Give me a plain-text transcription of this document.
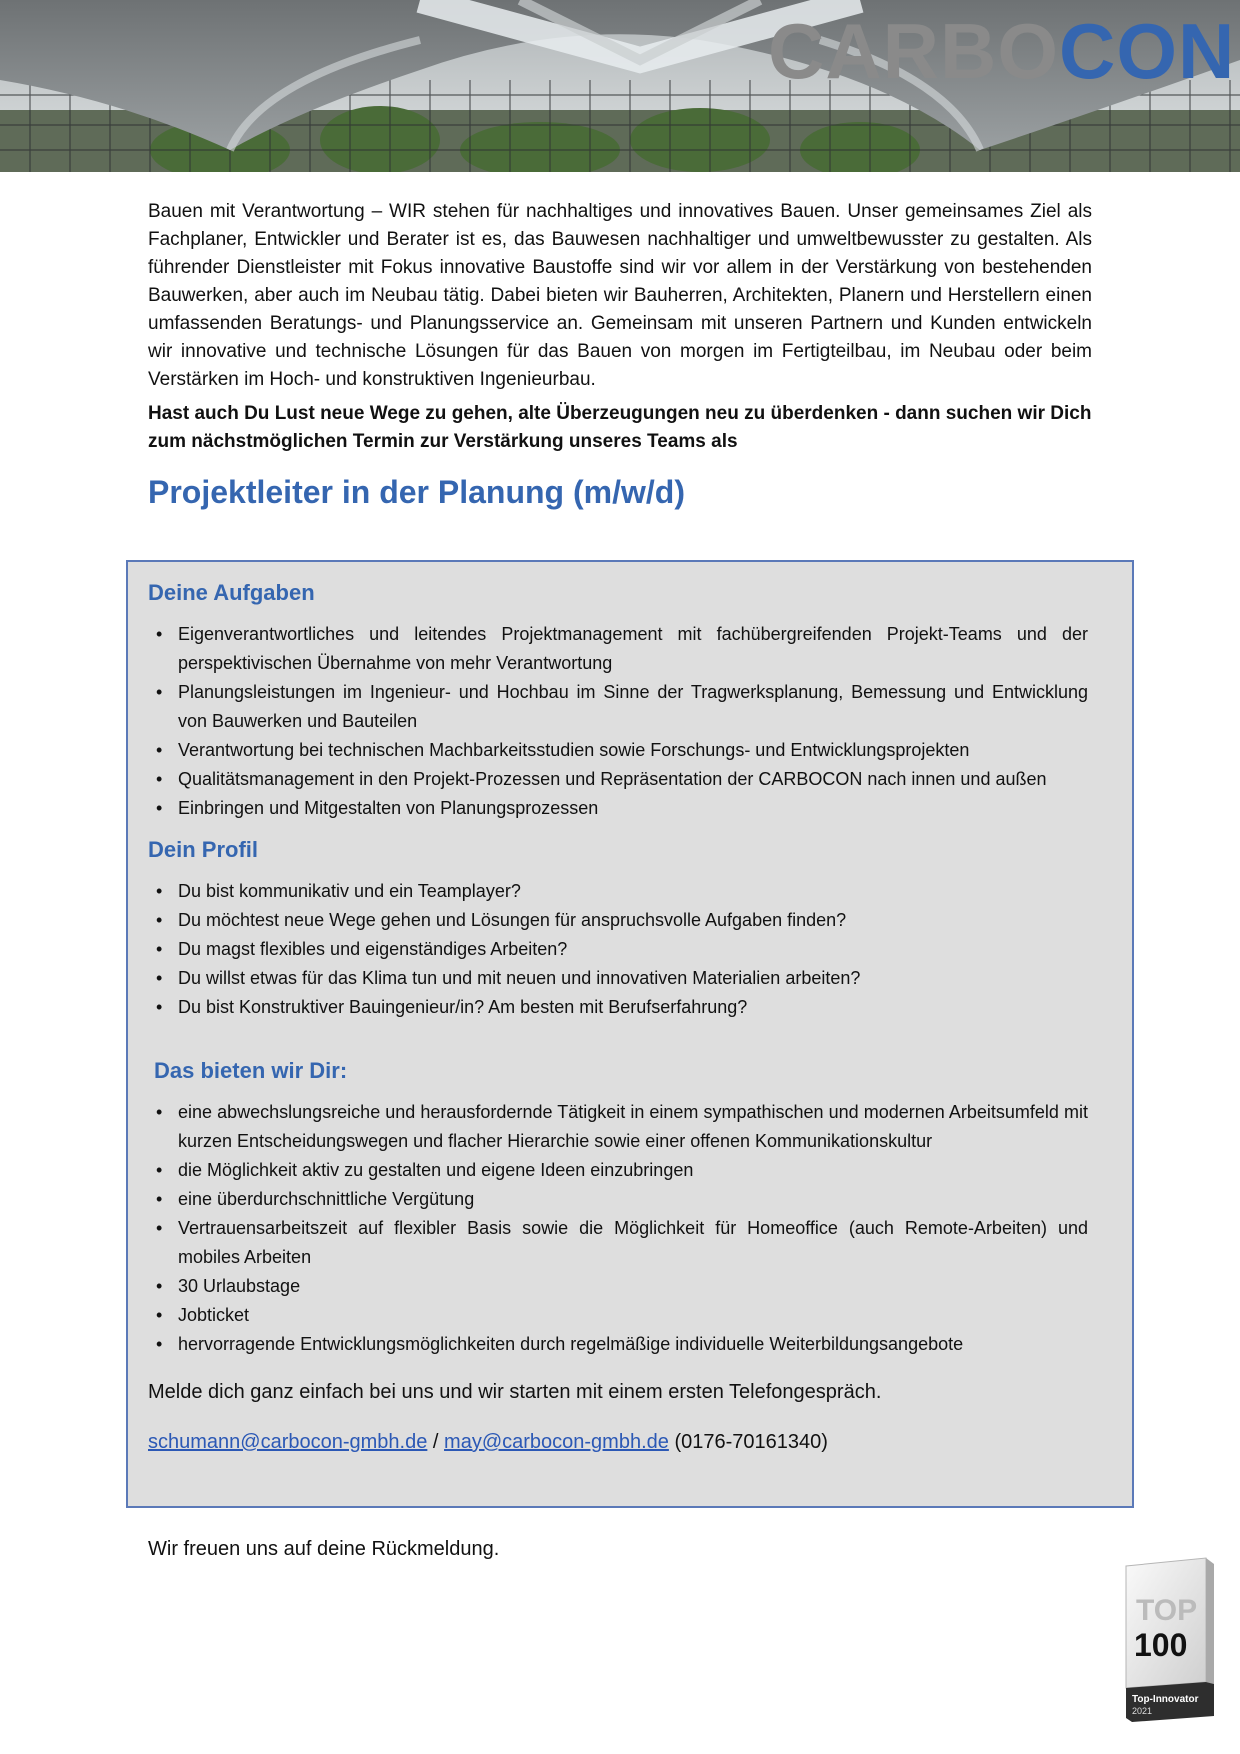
CARBOCON

Bauen mit Verantwortung – WIR stehen für nachhaltiges und innovatives Bauen. Unser gemeinsames Ziel als Fachplaner, Entwickler und Berater ist es, das Bauwesen nachhaltiger und umweltbewusster zu gestalten. Als führender Dienstleister mit Fokus innovative Baustoffe sind wir vor allem in der Verstärkung von bestehenden Bauwerken, aber auch im Neubau tätig. Dabei bieten wir Bauherren, Architekten, Planern und Herstellern einen umfassenden Beratungs- und Planungsservice an. Gemeinsam mit unseren Partnern und Kunden entwickeln wir innovative und technische Lösungen für das Bauen von morgen im Fertigteilbau, im Neubau oder beim Verstärken im Hoch- und konstruktiven Ingenieurbau.

Hast auch Du Lust neue Wege zu gehen, alte Überzeugungen neu zu überdenken - dann suchen wir Dich zum nächstmöglichen Termin zur Verstärkung unseres Teams als

Projektleiter in der Planung (m/w/d)
Deine Aufgaben
• Eigenverantwortliches und leitendes Projektmanagement mit fachübergreifenden Projekt-Teams und der perspektivischen Übernahme von mehr Verantwortung
• Planungsleistungen im Ingenieur- und Hochbau im Sinne der Tragwerksplanung, Bemessung und Entwicklung von Bauwerken und Bauteilen
• Verantwortung bei technischen Machbarkeitsstudien sowie Forschungs- und Entwicklungsprojekten
• Qualitätsmanagement in den Projekt-Prozessen und Repräsentation der CARBOCON nach innen und außen
• Einbringen und Mitgestalten von Planungsprozessen
Dein Profil
• Du bist kommunikativ und ein Teamplayer?
• Du möchtest neue Wege gehen und Lösungen für anspruchsvolle Aufgaben finden?
• Du magst flexibles und eigenständiges Arbeiten?
• Du willst etwas für das Klima tun und mit neuen und innovativen Materialien arbeiten?
• Du bist Konstruktiver Bauingenieur/in? Am besten mit Berufserfahrung?
Das bieten wir Dir:
• eine abwechslungsreiche und herausfordernde Tätigkeit in einem sympathischen und modernen Arbeitsumfeld mit kurzen Entscheidungswegen und flacher Hierarchie sowie einer offenen Kommunikationskultur
• die Möglichkeit aktiv zu gestalten und eigene Ideen einzubringen
• eine überdurchschnittliche Vergütung
• Vertrauensarbeitszeit auf flexibler Basis sowie die Möglichkeit für Homeoffice (auch Remote-Arbeiten) und mobiles Arbeiten
• 30 Urlaubstage
• Jobticket
• hervorragende Entwicklungsmöglichkeiten durch regelmäßige individuelle Weiterbildungsangebote

Melde dich ganz einfach bei uns und wir starten mit einem ersten Telefongespräch.

schumann@carbocon-gmbh.de / may@carbocon-gmbh.de (0176-70161340)

Wir freuen uns auf deine Rückmeldung.
TOP
100
Top-Innovator
2021
